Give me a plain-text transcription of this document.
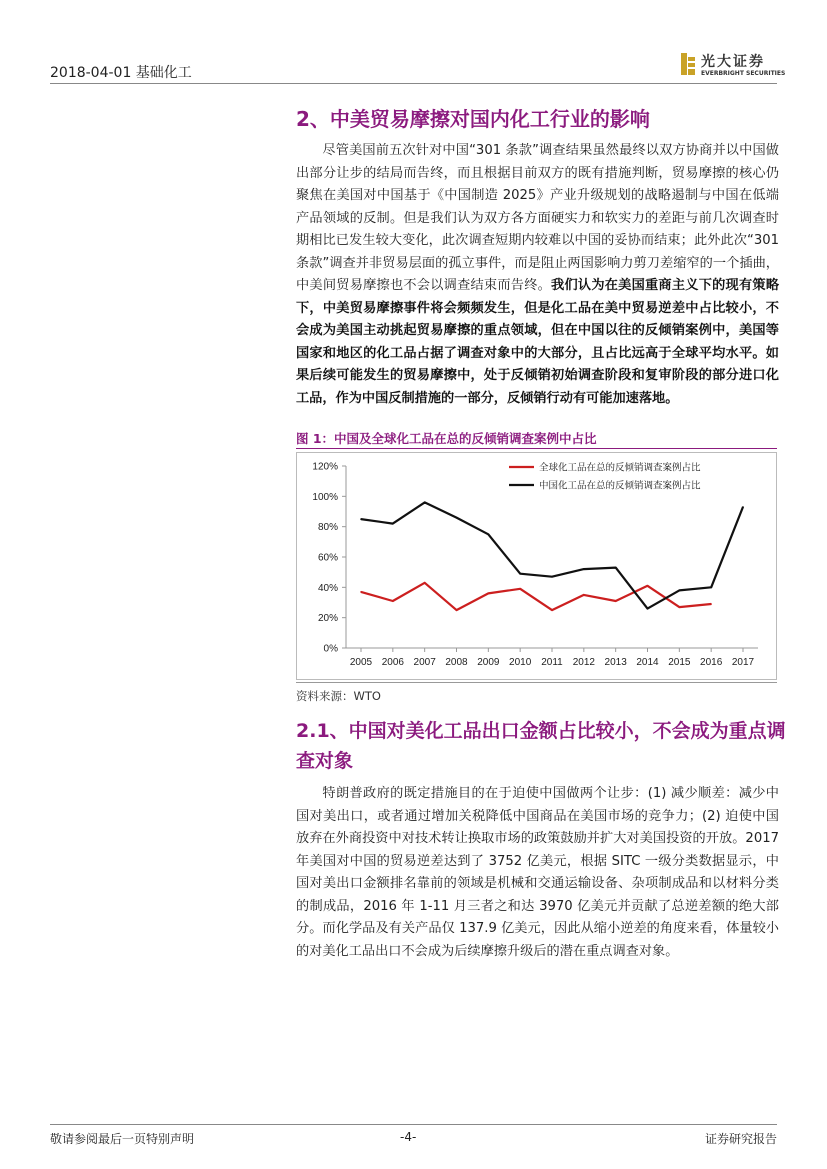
2018-04-01 基础化工
光大证券
EVERBRIGHT SECURITIES
2、中美贸易摩擦对国内化工行业的影响

尽管美国前五次针对中国“301 条款”调查结果虽然最终以双方协商并以中国做出部分让步的结局而告终，而且根据目前双方的既有措施判断，贸易摩擦的核心仍聚焦在美国对中国基于《中国制造 2025》产业升级规划的战略遏制与中国在低端产品领域的反制。但是我们认为双方各方面硬实力和软实力的差距与前几次调查时期相比已发生较大变化，此次调查短期内较难以中国的妥协而结束；此外此次“301 条款”调查并非贸易层面的孤立事件，而是阻止两国影响力剪刀差缩窄的一个插曲，中美间贸易摩擦也不会以调查结束而告终。我们认为在美国重商主义下的现有策略下，中美贸易摩擦事件将会频频发生，但是化工品在美中贸易逆差中占比较小，不会成为美国主动挑起贸易摩擦的重点领域，但在中国以往的反倾销案例中，美国等国家和地区的化工品占据了调查对象中的大部分，且占比远高于全球平均水平。如果后续可能发生的贸易摩擦中，处于反倾销初始调查阶段和复审阶段的部分进口化工品，作为中国反制措施的一部分，反倾销行动有可能加速落地。

图 1：中国及全球化工品在总的反倾销调查案例中占比
0%
20%
40%
60%
80%
100%
120%
2005 2006 2007 2008 2009 2010 2011 2012 2013 2014 2015 2016 2017
全球化工品在总的反倾销调查案例占比
中国化工品在总的反倾销调查案例占比
资料来源：WTO
2.1、中国对美化工品出口金额占比较小，不会成为重点调查对象

特朗普政府的既定措施目的在于迫使中国做两个让步：(1) 减少顺差：减少中国对美出口，或者通过增加关税降低中国商品在美国市场的竞争力；(2) 迫使中国放弃在外商投资中对技术转让换取市场的政策鼓励并扩大对美国投资的开放。2017 年美国对中国的贸易逆差达到了 3752 亿美元，根据 SITC 一级分类数据显示，中国对美出口金额排名靠前的领域是机械和交通运输设备、杂项制成品和以材料分类的制成品，2016 年 1-11 月三者之和达 3970 亿美元并贡献了总逆差额的绝大部分。而化学品及有关产品仅 137.9 亿美元，因此从缩小逆差的角度来看，体量较小的对美化工品出口不会成为后续摩擦升级后的潜在重点调查对象。

敬请参阅最后一页特别声明	-4-	证券研究报告
